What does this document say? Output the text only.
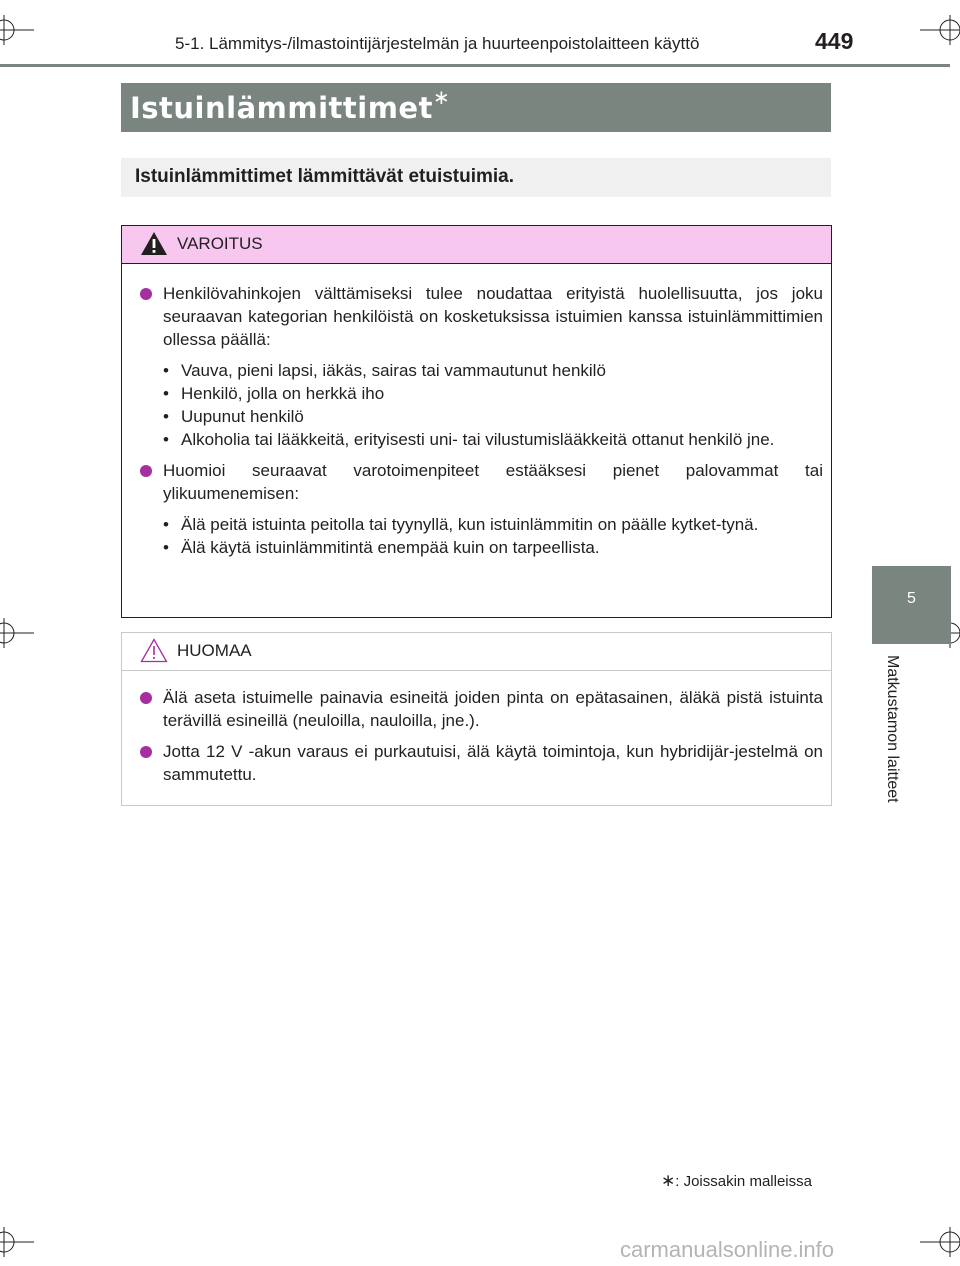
5-1. Lämmitys-/ilmastointijärjestelmän ja huurteenpoistolaitteen käyttö	449
5
Matkustamon laitteet
Istuinlämmittimet ∗
Istuinlämmittimet lämmittävät etuistuimia.
VAROITUS
Henkilövahinkojen välttämiseksi tulee noudattaa erityistä huolellisuutta, jos joku seuraavan kategorian henkilöistä on kosketuksissa istuimien kanssa istuinlämmittimien ollessa päällä:
• Vauva, pieni lapsi, iäkäs, sairas tai vammautunut henkilö
• Henkilö, jolla on herkkä iho
• Uupunut henkilö
• Alkoholia tai lääkkeitä, erityisesti uni- tai vilustumislääkkeitä ottanut henkilö jne.
Huomioi seuraavat varotoimenpiteet estääksesi pienet palovammat tai ylikuumenemisen:
• Älä peitä istuinta peitolla tai tyynyllä, kun istuinlämmitin on päälle kytket-tynä.
• Älä käytä istuinlämmitintä enempää kuin on tarpeellista.
HUOMAA
Älä aseta istuimelle painavia esineitä joiden pinta on epätasainen, äläkä pistä istuinta terävillä esineillä (neuloilla, nauloilla, jne.).
Jotta 12 V -akun varaus ei purkautuisi, älä käytä toimintoja, kun hybridijär-jestelmä on sammutettu.
∗: Joissakin malleissa
carmanualsonline.info
